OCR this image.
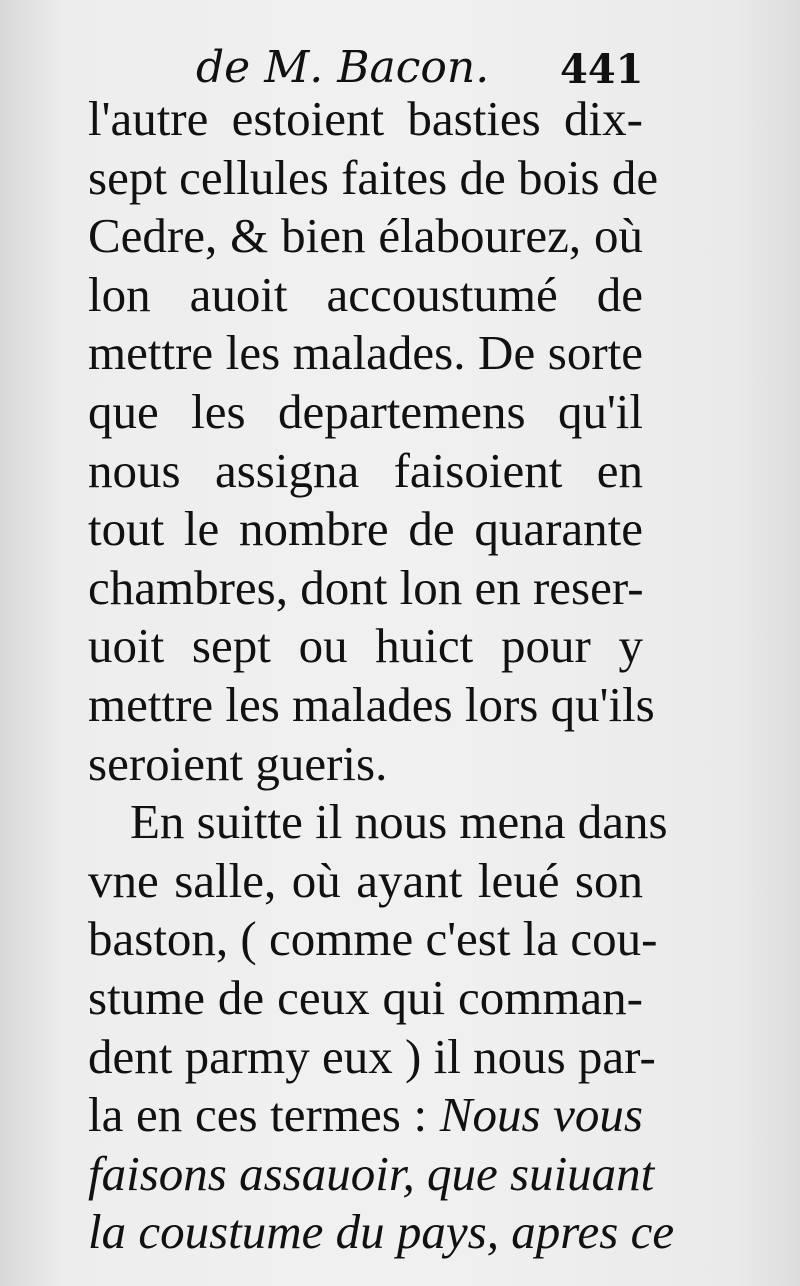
de M. Bacon. 441
l'autre estoient basties dix-
sept cellules faites de bois de
Cedre, & bien élabourez, où
lon auoit accoustumé de
mettre les malades. De sorte
que les departemens qu'il
nous assigna faisoient en
tout le nombre de quarante
chambres, dont lon en reser-
uoit sept ou huict pour y
mettre les malades lors qu'ils
seroient gueris.
En suitte il nous mena dans
vne salle, où ayant leué son
baston, ( comme c'est la cou-
stume de ceux qui comman-
dent parmy eux ) il nous par-
la en ces termes : Nous vous
faisons assauoir, que suiuant
la coustume du pays, apres ce
